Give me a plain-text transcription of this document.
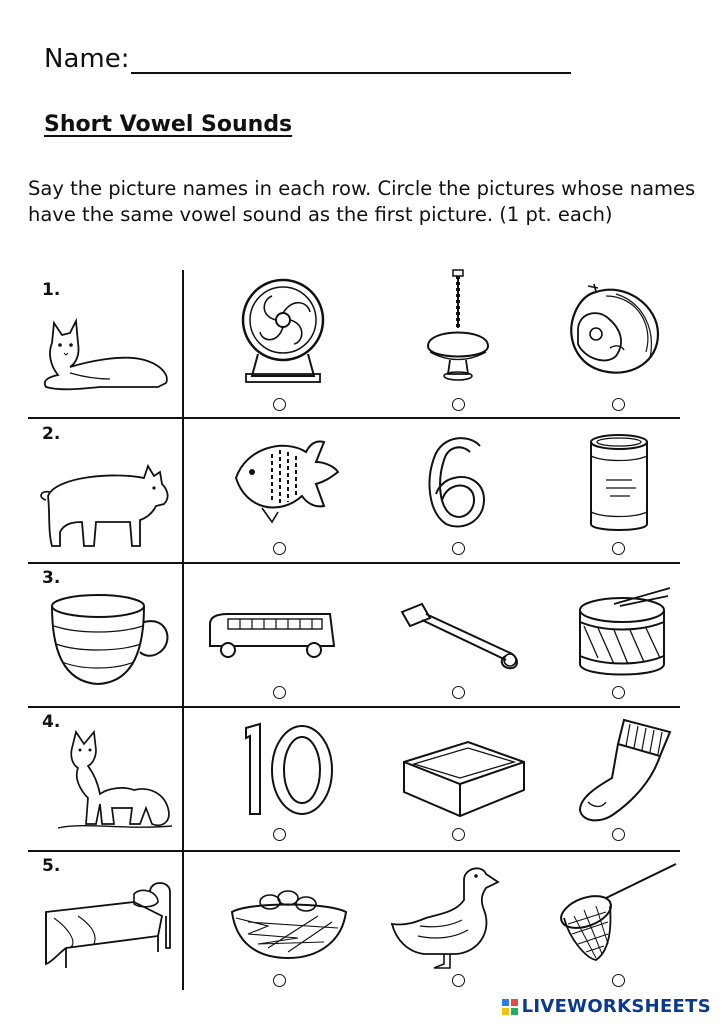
Name:
Short Vowel Sounds
Say the picture names in each row. Circle the pictures whose names have the same vowel sound as the first picture. (1 pt. each)
1.
2.
3.
4.
5.
LIVEWORKSHEETS
